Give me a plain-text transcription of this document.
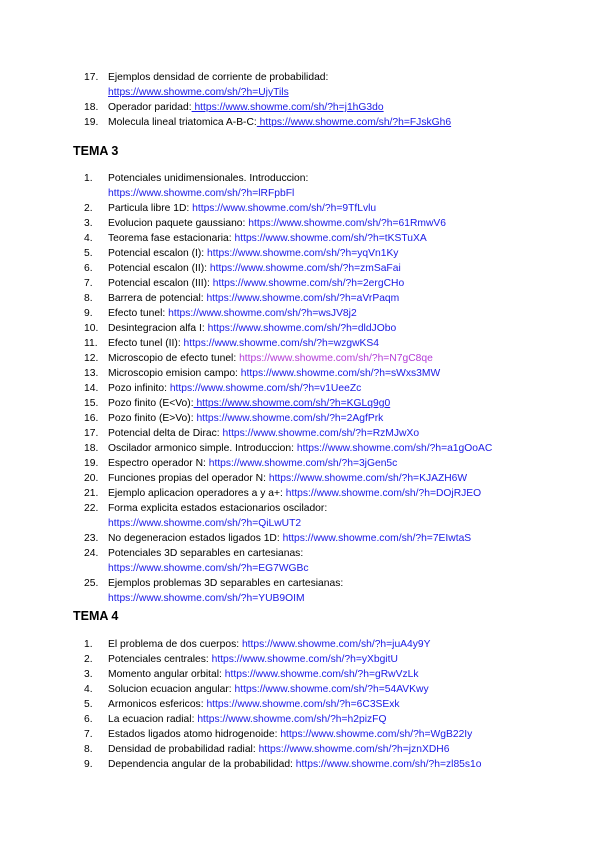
17. Ejemplos densidad de corriente de probabilidad:
https://www.showme.com/sh/?h=UjyTils
18. Operador paridad: https://www.showme.com/sh/?h=j1hG3do
19. Molecula lineal triatomica A-B-C: https://www.showme.com/sh/?h=FJskGh6
TEMA 3
1.	Potenciales unidimensionales. Introduccion:
https://www.showme.com/sh/?h=lRFpbFl
2.	Particula libre 1D: https://www.showme.com/sh/?h=9TfLvlu
3.	Evolucion paquete gaussiano: https://www.showme.com/sh/?h=61RmwV6
4.	Teorema fase estacionaria: https://www.showme.com/sh/?h=tKSTuXA
5.	Potencial escalon (I): https://www.showme.com/sh/?h=yqVn1Ky
6.	Potencial escalon (II): https://www.showme.com/sh/?h=zmSaFai
7.	Potencial escalon (III): https://www.showme.com/sh/?h=2ergCHo
8.	Barrera de potencial: https://www.showme.com/sh/?h=aVrPaqm
9.	Efecto tunel: https://www.showme.com/sh/?h=wsJV8j2
10. Desintegracion alfa I: https://www.showme.com/sh/?h=dldJObo
11.	Efecto tunel (II): https://www.showme.com/sh/?h=wzgwKS4
12. Microscopio de efecto tunel: https://www.showme.com/sh/?h=N7gC8qe
13. Microscopio emision campo: https://www.showme.com/sh/?h=sWxs3MW
14. Pozo infinito: https://www.showme.com/sh/?h=v1UeeZc
15. Pozo finito (E<Vo): https://www.showme.com/sh/?h=KGLq9g0
16. Pozo finito (E>Vo): https://www.showme.com/sh/?h=2AgfPrk
17. Potencial delta de Dirac: https://www.showme.com/sh/?h=RzMJwXo
18. Oscilador armonico simple. Introduccion: https://www.showme.com/sh/?h=a1gOoAC
19. Espectro operador N: https://www.showme.com/sh/?h=3jGen5c
20. Funciones propias del operador N: https://www.showme.com/sh/?h=KJAZH6W
21. Ejemplo aplicacion operadores a y a+: https://www.showme.com/sh/?h=DOjRJEO
22. Forma explicita estados estacionarios oscilador:
https://www.showme.com/sh/?h=QiLwUT2
23. No degeneracion estados ligados 1D: https://www.showme.com/sh/?h=7EIwtaS
24. Potenciales 3D separables en cartesianas:
https://www.showme.com/sh/?h=EG7WGBc
25. Ejemplos problemas 3D separables en cartesianas:
https://www.showme.com/sh/?h=YUB9OIM
TEMA 4
1.	El problema de dos cuerpos: https://www.showme.com/sh/?h=juA4y9Y
2.	Potenciales centrales: https://www.showme.com/sh/?h=yXbgitU
3.	Momento angular orbital: https://www.showme.com/sh/?h=gRwVzLk
4.	Solucion ecuacion angular: https://www.showme.com/sh/?h=54AVKwy
5.	Armonicos esfericos: https://www.showme.com/sh/?h=6C3SExk
6.	La ecuacion radial: https://www.showme.com/sh/?h=h2pizFQ
7.	Estados ligados atomo hidrogenoide: https://www.showme.com/sh/?h=WgB22Iy
8.	Densidad de probabilidad radial: https://www.showme.com/sh/?h=jznXDH6
9.	Dependencia angular de la probabilidad: https://www.showme.com/sh/?h=zl85s1o
